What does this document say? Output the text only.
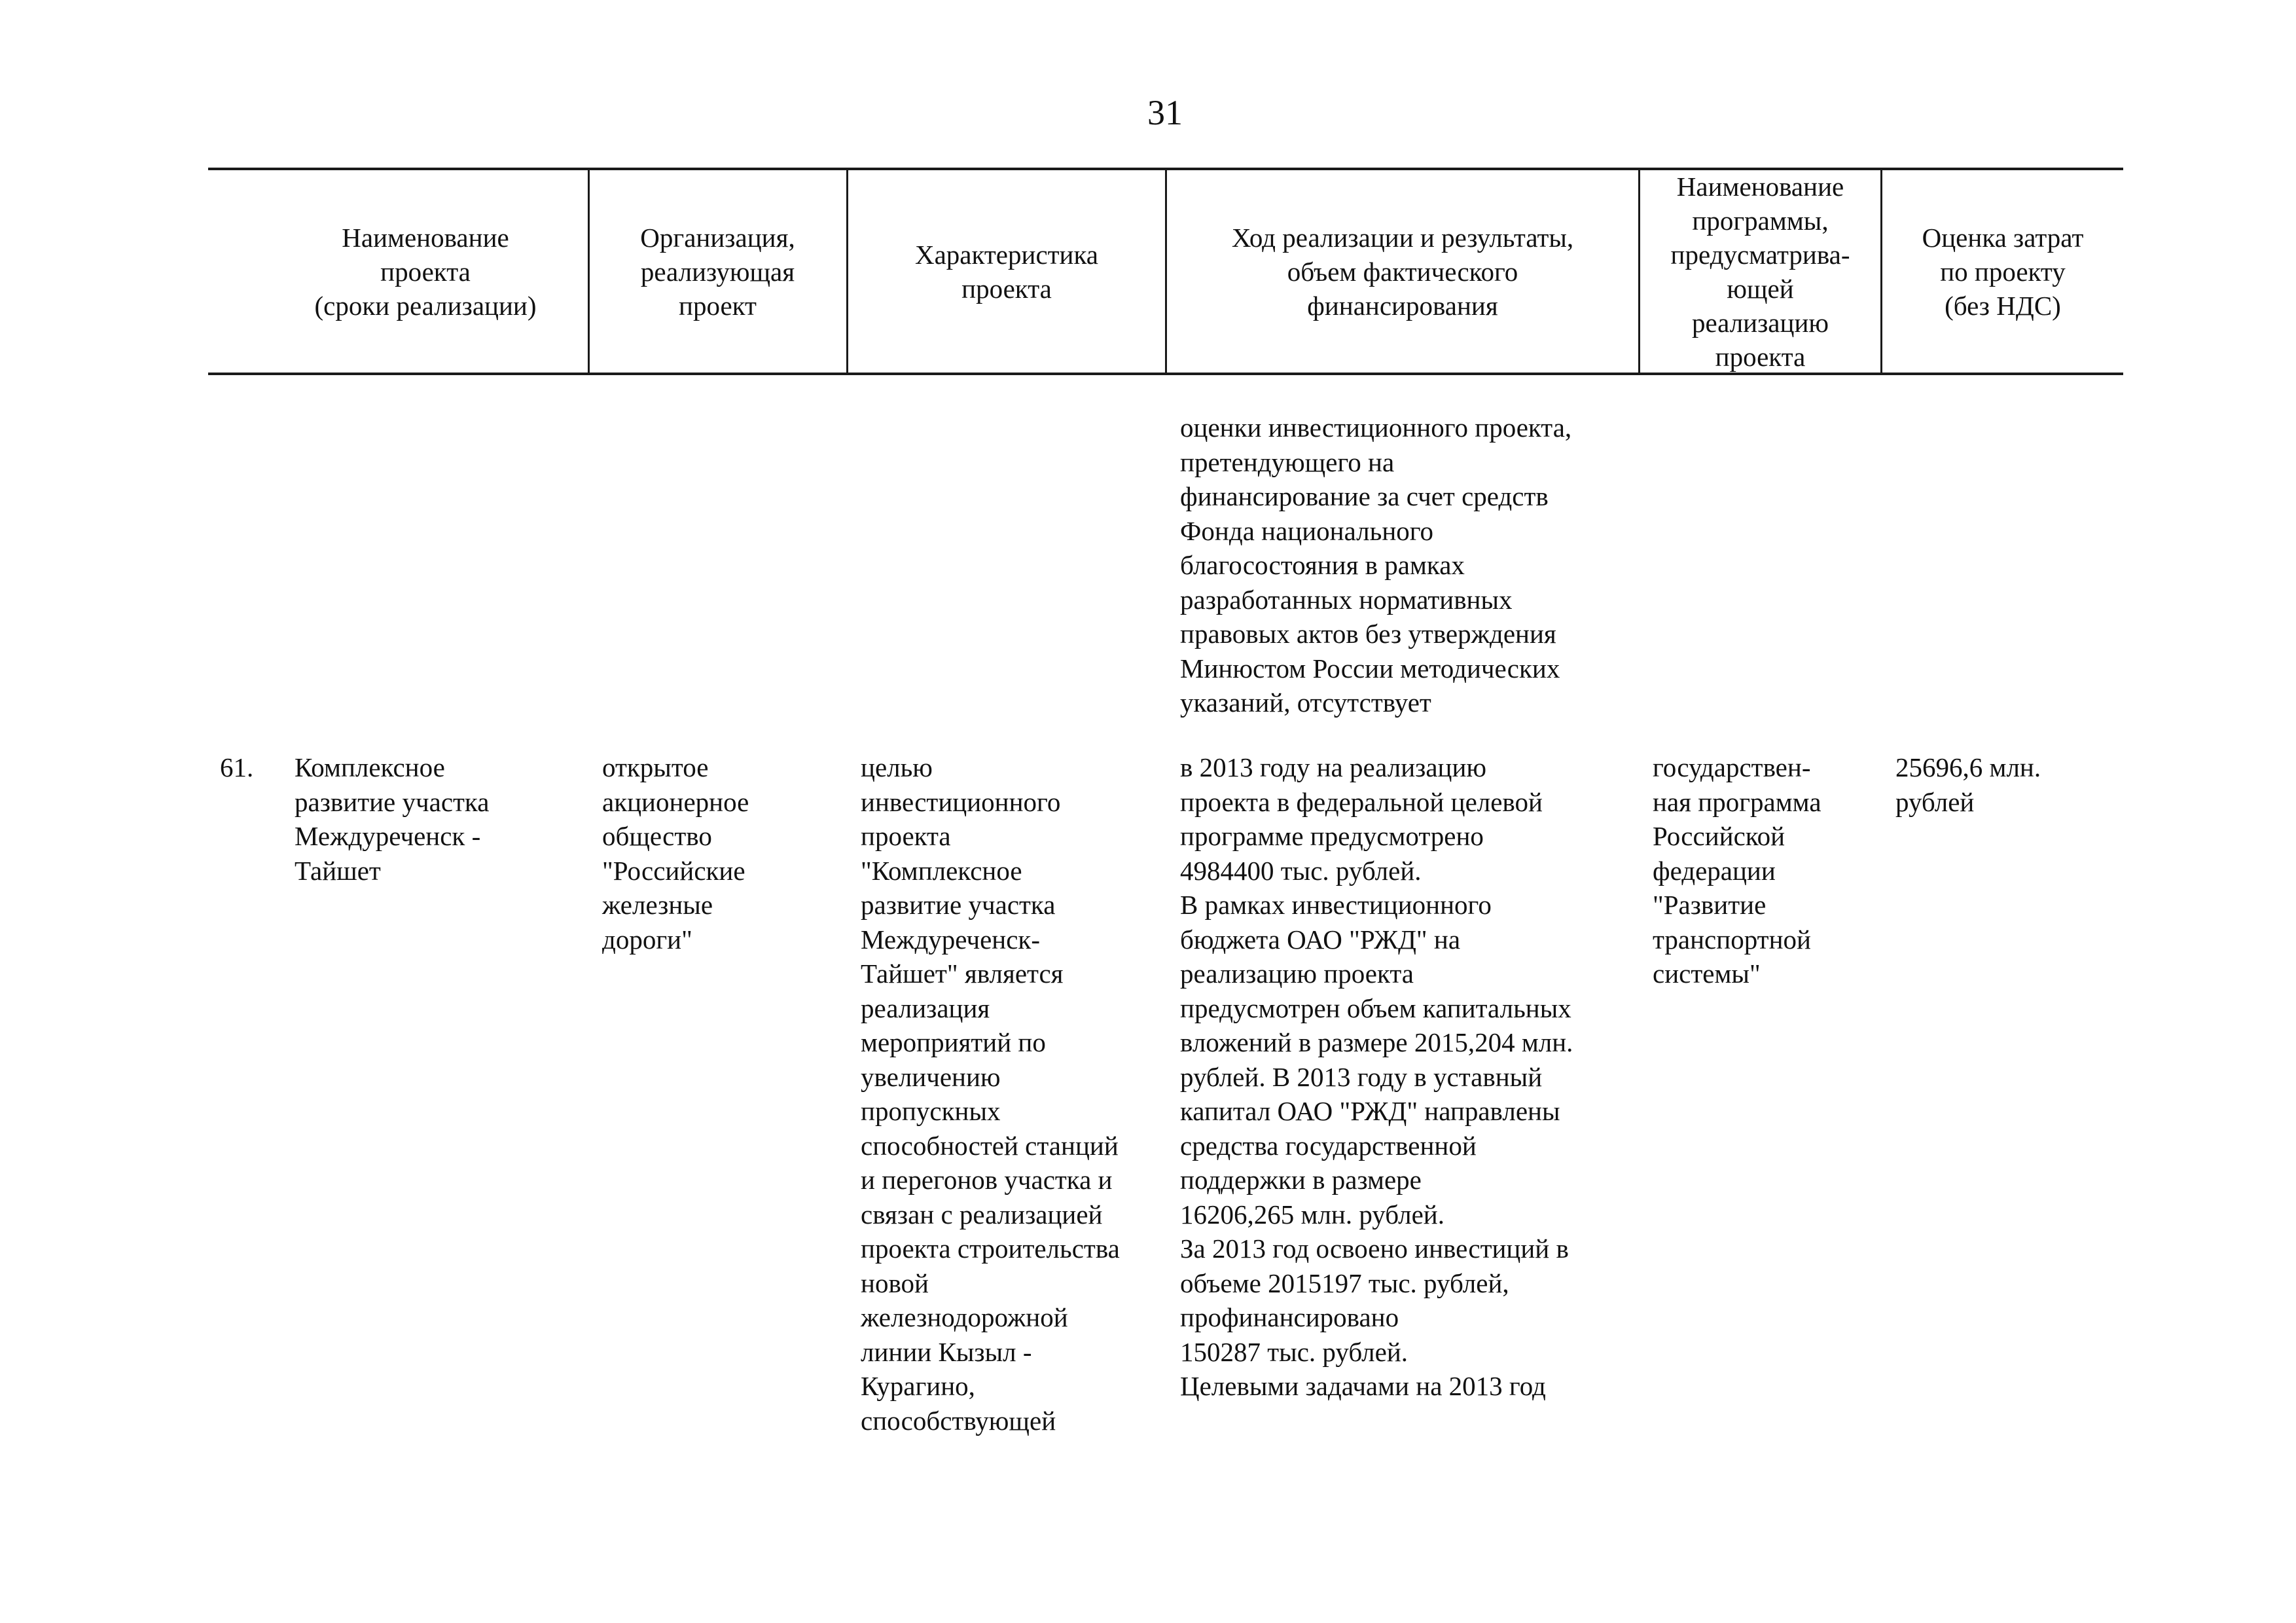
31
Наименование
проекта
(сроки реализации)
Организация,
реализующая
проект
Характеристика
проекта
Ход реализации и результаты,
объем фактического
финансирования
Наименование
программы,
предусматрива-
ющей
реализацию
проекта
Оценка затрат
по проекту
(без НДС)
оценки инвестиционного проекта,
претендующего на
финансирование за счет средств
Фонда национального
благосостояния в рамках
разработанных нормативных
правовых актов без утверждения
Минюстом России методических
указаний, отсутствует
61.	Комплексное
развитие участка
Междуреченск -
Тайшет
открытое
акционерное
общество
"Российские
железные
дороги"
целью
инвестиционного
проекта
"Комплексное
развитие участка
Междуреченск-
Тайшет" является
реализация
мероприятий по
увеличению
пропускных
способностей станций
и перегонов участка и
связан с реализацией
проекта строительства
новой
железнодорожной
линии Кызыл -
Курагино,
способствующей
в 2013 году на реализацию
проекта в федеральной целевой
программе предусмотрено
4984400 тыс. рублей.
В рамках инвестиционного
бюджета ОАО "РЖД" на
реализацию проекта
предусмотрен объем капитальных
вложений в размере 2015,204 млн.
рублей. В 2013 году в уставный
капитал ОАО "РЖД" направлены
средства государственной
поддержки в размере
16206,265 млн. рублей.
За 2013 год освоено инвестиций в
объеме 2015197 тыс. рублей,
профинансировано
150287 тыс. рублей.
Целевыми задачами на 2013 год
государствен-
ная программа
Российской
федерации
"Развитие
транспортной
системы"
25696,6 млн.
рублей
